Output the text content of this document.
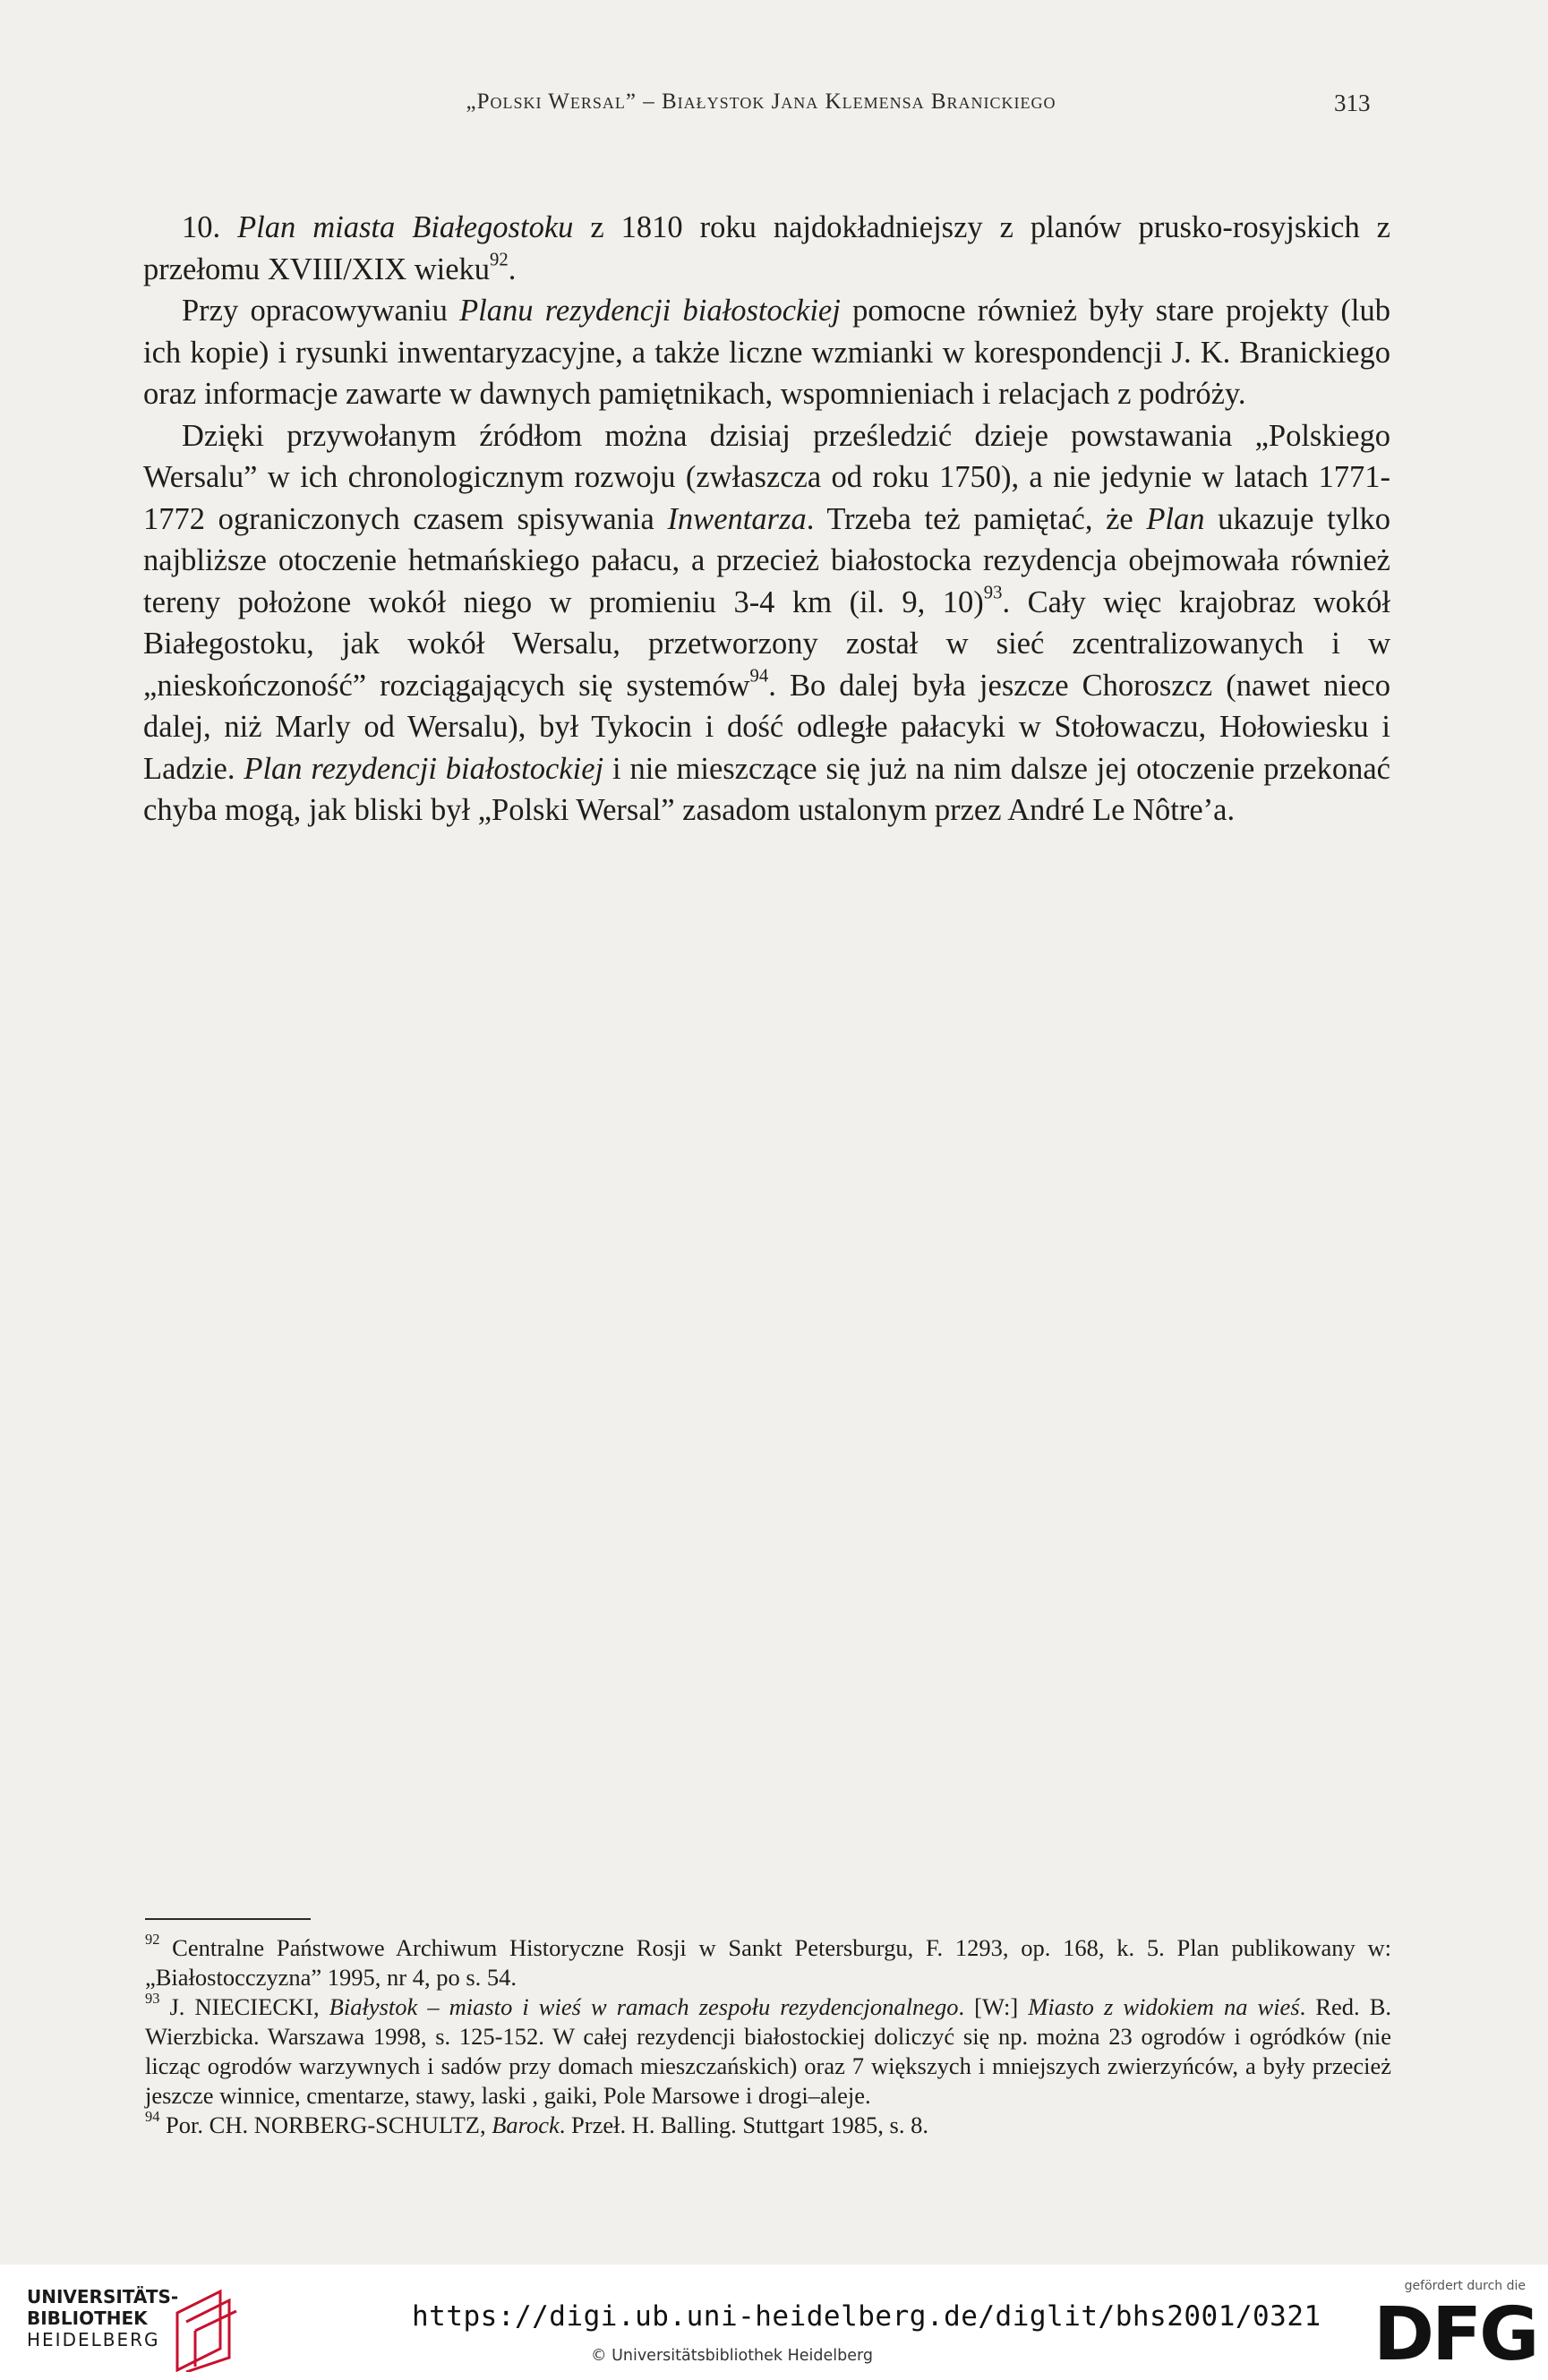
„Polski Wersal” – Białystok Jana Klemensa Branickiego	313

10. Plan miasta Białegostoku z 1810 roku najdokładniejszy z planów prusko-rosyjskich z przełomu XVIII/XIX wieku$^{92}$.

Przy opracowywaniu Planu rezydencji białostockiej pomocne również były stare projekty (lub ich kopie) i rysunki inwentaryzacyjne, a także liczne wzmianki w korespondencji J. K. Branickiego oraz informacje zawarte w dawnych pamiętnikach, wspomnieniach i relacjach z podróży.

Dzięki przywołanym źródłom można dzisiaj prześledzić dzieje powstawania „Polskiego Wersalu” w ich chronologicznym rozwoju (zwłaszcza od roku 1750), a nie jedynie w latach 1771-1772 ograniczonych czasem spisywania Inwentarza. Trzeba też pamiętać, że Plan ukazuje tylko najbliższe otoczenie hetmańskiego pałacu, a przecież białostocka rezydencja obejmowała również tereny położone wokół niego w promieniu 3-4 km (il. 9, 10)$^{93}$. Cały więc krajobraz wokół Białegostoku, jak wokół Wersalu, przetworzony został w sieć zcentralizowanych i w „nieskończoność” rozciągających się systemów$^{94}$. Bo dalej była jeszcze Choroszcz (nawet nieco dalej, niż Marly od Wersalu), był Tykocin i dość odległe pałacyki w Stołowaczu, Hołowiesku i Ladzie. Plan rezydencji białostockiej i nie mieszczące się już na nim dalsze jej otoczenie przekonać chyba mogą, jak bliski był „Polski Wersal” zasadom ustalonym przez André Le Nôtre’a.

$^{92}$ Centralne Państwowe Archiwum Historyczne Rosji w Sankt Petersburgu, F. 1293, op. 168, k. 5. Plan publikowany w: „Białostocczyzna” 1995, nr 4, po s. 54.

$^{93}$ J. NIECIECKI, Białystok – miasto i wieś w ramach zespołu rezydencjonalnego. [W:] Miasto z widokiem na wieś. Red. B. Wierzbicka. Warszawa 1998, s. 125-152. W całej rezydencji białostockiej doliczyć się np. można 23 ogrodów i ogródków (nie licząc ogrodów warzywnych i sadów przy domach mieszczańskich) oraz 7 większych i mniejszych zwierzyńców, a były przecież jeszcze winnice, cmentarze, stawy, laski , gaiki, Pole Marsowe i drogi–aleje.

$^{94}$ Por. CH. NORBERG-SCHULTZ, Barock. Przeł. H. Balling. Stuttgart 1985, s. 8.

UNIVERSITÄTS-
BIBLIOTHEK
HEIDELBERG
https://digi.ub.uni-heidelberg.de/diglit/bhs2001/0321
© Universitätsbibliothek Heidelberg
gefördert durch die
DFG
